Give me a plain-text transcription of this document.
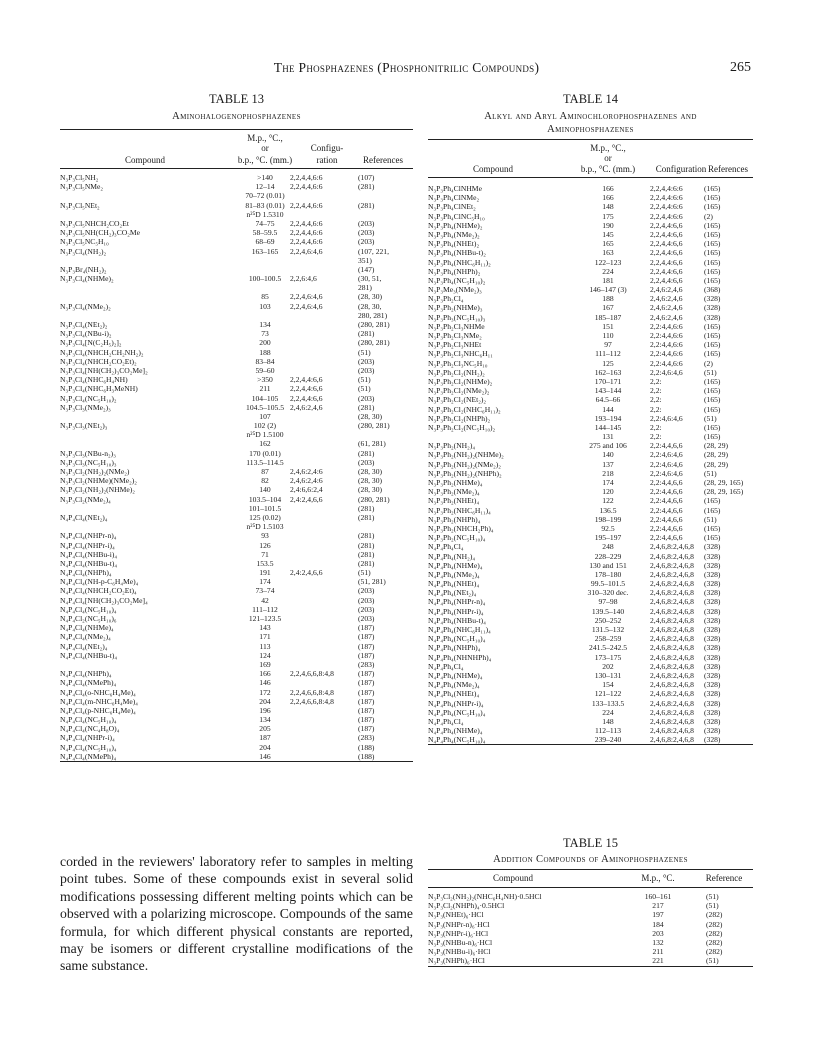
The Phosphazenes (Phosphonitrilic Compounds)	265
TABLE 13
Aminohalogenophosphazenes
M.p., °C.,
or	Configu-
Compound	b.p., °C. (mm.)	ration	References
N₃P₃Cl₅NH₂	>140	2,2,4,4,6:6	(107)
N₃P₃Cl₅NMe₂	12–14	2,2,4,4,6:6	(281)
70–72 (0.01)
N₃P₃Cl₅NEt₂	81–83 (0.01) 2,2,4,4,6:6	(281)
n²⁵D 1.5310
N₃P₃Cl₅NHCH₂CO₂Et	74–75	2,2,4,4,6:6	(203)
N₃P₃Cl₅NH(CH₂)₃CO₂Me	58–59.5	2,2,4,4,6:6	(203)
N₃P₃Cl₅NC₅H₁₀	68–69	2,2,4,4,6:6	(203)
N₃P₃Cl₄(NH₂)₂	163–165	2,2,4,6:4,6	(107, 221,
351)
N₃P₃Br₄(NH₂)₂	(147)
N₃P₃Cl₄(NHMe)₂	100–100.5	2,2,6:4,6	(30, 51,
281)
85	2,2,4,6:4,6	(28, 30)
N₃P₃Cl₄(NMe₂)₂	103	2,2,4,6:4,6	(28, 30,
280, 281)
N₃P₃Cl₄(NEt₂)₂	134	(280, 281)
N₃P₃Cl₄(NBu-i)₂	73	(281)
N₃P₃Cl₄[N(C₂H₅)₂]₂	200	(280, 281)
N₃P₃Cl₄(NHCH₂CH₂NH₂)₂	188	(51)
N₃P₃Cl₄(NHCH₂CO₂Et)₂	83–84	(203)
N₃P₃Cl₄[NH(CH₂)₃CO₂Me]₂	59–60	(203)
N₃P₃Cl₄(NHC₆H₄NH)	>350	2,2,4,4:6,6	(51)
N₃P₃Cl₄(NHC₆H₃MeNH)	211	2,2,4,4:6,6	(51)
N₃P₃Cl₄(NC₅H₁₀)₂	104–105	2,2,4,4:6,6	(203)
N₃P₃Cl₃(NMe₂)₃	104.5–105.5 2,4,6:2,4,6	(281)
107	(28, 30)
N₃P₃Cl₃(NEt₂)₃	102 (2)	(280, 281)
n²⁵D 1.5100
162	(61, 281)
N₃P₃Cl₃(NBu-n₂)₃	170 (0.01)	(281)
N₃P₃Cl₃(NC₅H₁₀)₃	113.5–114.5	(203)
N₃P₃Cl₂(NH₂)₂(NMe₂)	87	2,4,6:2,4:6	(28, 30)
N₃P₃Cl₂(NHMe)(NMe₂)₂	82	2,4,6:2,4:6	(28, 30)
N₃P₃Cl₂(NH₂)₂(NHMe)₂	140	2,4:6,6:2,4	(28, 30)
N₃P₃Cl₂(NMe₂)₄	103.5–104	2,4:2,4,6,6	(280, 281)
101–101.5	(281)
N₄P₄Cl₄(NEt₂)₄	125 (0.02)	(281)
n²⁵D 1.5103
N₄P₄Cl₄(NHPr-n)₄	93	(281)
N₄P₄Cl₄(NHPr-i)₄	126	(281)
N₄P₄Cl₄(NHBu-i)₄	71	(281)
N₄P₄Cl₄(NHBu-t)₄	153.5	(281)
N₄P₄Cl₄(NHPh)₄	191	2,4:2,4,6,6	(51)
N₄P₄Cl₄(NH-p-C₆H₄Me)₄	174	(51, 281)
N₄P₄Cl₄(NHCH₂CO₂Et)₄	73–74	(203)
N₄P₄Cl₄[NH(CH₂)₃CO₂Me]₄	42	(203)
N₄P₄Cl₄(NC₅H₁₀)₄	111–112	(203)
N₄P₄Cl₂(NC₅H₁₀)₆	121–123.5	(203)
N₄P₄Cl₄(NHMe)₄	143	(187)
N₄P₄Cl₄(NMe₂)₄	171	(187)
N₄P₄Cl₄(NEt₂)₄	113	(187)
N₄P₄Cl₄(NHBu-t)₄	124	(187)
169	(283)
N₄P₄Cl₄(NHPh)₄	166	2,2,4,6,6,8:4,8	(187)
N₄P₄Cl₄(NMePh)₄	146	(187)
N₄P₄Cl₄(o-NHC₆H₄Me)₄	172	2,2,4,6,6,8:4,8	(187)
N₄P₄Cl₄(m-NHC₆H₄Me)₄	204	2,2,4,6,6,8:4,8	(187)
N₄P₄Cl₄(p-NHC₆H₄Me)₄	196	(187)
N₄P₄Cl₄(NC₅H₁₀)₄	134	(187)
N₄P₄Cl₄(NC₄H₈O)₄	205	(187)
N₄P₄Cl₄(NHPr-i)₄	187	(283)
N₄P₄Cl₄(NC₅H₁₀)₄	204	(188)
N₄P₄Cl₄(NMePh)₄	146	(188)
TABLE 14
Alkyl and Aryl Aminochlorophosphazenes and
Aminophosphazenes
M.p., °C.,
or
Compound	b.p., °C. (mm.)	Configuration References
N₃P₃Ph₄ClNHMe	166	2,2,4,4:6:6	(165)
N₃P₃Ph₄ClNMe₂	166	2,2,4,4:6:6	(165)
N₃P₃Ph₄ClNEt₂	148	2,2,4,4:6:6	(165)
N₃P₃Ph₄ClNC₅H₁₀	175	2,2,4,4:6:6	(2)
N₃P₃Ph₄(NHMe)₂	190	2,2,4,4:6,6	(165)
N₃P₃Ph₄(NMe₂)₂	145	2,2,4,4:6,6	(165)
N₃P₃Ph₄(NHEt)₂	165	2,2,4,4:6,6	(165)
N₃P₃Ph₄(NHBu-t)₂	163	2,2,4,4:6,6	(165)
N₃P₃Ph₄(NHC₆H₁₁)₂	122–123	2,2,4,4:6,6	(165)
N₃P₃Ph₄(NHPh)₂	224	2,2,4,4:6,6	(165)
N₃P₃Ph₄(NC₅H₁₀)₂	181	2,2,4,4:6,6	(165)
N₃P₃Me₃(NMe₂)₃	146–147 (3)	2,4,6:2,4,6	(368)
N₃P₃Ph₂Cl₄	188	2,4,6:2,4,6	(328)
N₃P₃Ph₂(NHMe)₃	167	2,4,6:2,4,6	(328)
N₃P₃Ph₃(NC₅H₁₀)₃	185–187	2,4,6:2,4,6	(328)
N₃P₃Ph₂Cl₃NHMe	151	2,2:4,4,6:6	(165)
N₃P₃Ph₂Cl₃NMe₂	110	2,2:4,4,6:6	(165)
N₃P₃Ph₂Cl₃NHEt	97	2,2:4,4,6:6	(165)
N₃P₃Ph₂Cl₃NHC₆H₁₁	111–112	2,2:4,4,6:6	(165)
N₃P₃Ph₂Cl₃NC₅H₁₀	125	2,2:4,4,6:6	(2)
N₃P₃Ph₂Cl₂(NH₂)₂	162–163	2,2:4,6:4,6	(51)
N₃P₃Ph₂Cl₂(NHMe)₂	170–171	2,2:	(165)
N₃P₃Ph₂Cl₂(NMe₂)₂	143–144	2,2:	(165)
N₃P₃Ph₂Cl₂(NEt₂)₂	64.5–66	2,2:	(165)
N₃P₃Ph₂Cl₂(NHC₆H₁₁)₂	144	2,2:	(165)
N₃P₃Ph₂Cl₂(NHPh)₂	193–194	2,2:4,6:4,6	(51)
N₃P₃Ph₂Cl₂(NC₅H₁₀)₂	144–145	2,2:	(165)
131	2,2:	(165)
N₃P₃Ph₂(NH₂)₄	275 and 106	2,2:4,4,6,6	(28, 29)
N₃P₃Ph₂(NH₂)₂(NHMe)₂	140	2,2:4,6:4,6	(28, 29)
N₃P₃Ph₂(NH₂)₂(NMe₂)₂	137	2,2:4,6:4,6	(28, 29)
N₃P₃Ph₂(NH₂)₂(NHPh)₂	218	2,2:4,6:4,6	(51)
N₃P₃Ph₂(NHMe)₄	174	2,2:4,4,6,6	(28, 29, 165)
N₃P₃Ph₂(NMe₂)₄	120	2,2:4,4,6,6	(28, 29, 165)
N₃P₃Ph₂(NHEt)₄	122	2,2:4,4,6,6	(165)
N₃P₃Ph₂(NHC₆H₁₁)₄	136.5	2,2:4,4,6,6	(165)
N₃P₃Ph₂(NHPh)₄	198–199	2,2:4,4,6,6	(51)
N₃P₃Ph₂(NHCH₂Ph)₄	92.5	2,2:4,4,6,6	(165)
N₃P₃Ph₂(NC₅H₁₀)₄	195–197	2,2:4,4,6,6	(165)
N₄P₄Ph₄Cl₄	248	2,4,6,8:2,4,6,8 (328)
N₄P₄Ph₄(NH₂)₄	228–229	2,4,6,8:2,4,6,8 (328)
N₄P₄Ph₄(NHMe)₄	130 and 151	2,4,6,8:2,4,6,8 (328)
N₄P₄Ph₄(NMe₂)₄	178–180	2,4,6,8:2,4,6,8 (328)
N₄P₄Ph₄(NHEt)₄	99.5–101.5	2,4,6,8:2,4,6,8 (328)
N₄P₄Ph₄(NEt₂)₄	310–320 dec.	2,4,6,8:2,4,6,8 (328)
N₄P₄Ph₄(NHPr-n)₄	97–98	2,4,6,8:2,4,6,8 (328)
N₄P₄Ph₄(NHPr-i)₄	139.5–140	2,4,6,8:2,4,6,8 (328)
N₄P₄Ph₄(NHBu-t)₄	250–252	2,4,6,8:2,4,6,8 (328)
N₄P₄Ph₄(NHC₆H₁₁)₄	131.5–132	2,4,6,8:2,4,6,8 (328)
N₄P₄Ph₄(NC₅H₁₀)₄	258–259	2,4,6,8:2,4,6,8 (328)
N₄P₄Ph₄(NHPh)₄	241.5–242.5	2,4,6,8:2,4,6,8 (328)
N₄P₄Ph₄(NHNHPh)₄	173–175	2,4,6,8:2,4,6,8 (328)
N₄P₄Ph₄Cl₄	202	2,4,6,8:2,4,6,8 (328)
N₄P₄Ph₄(NHMe)₄	130–131	2,4,6,8:2,4,6,8 (328)
N₄P₄Ph₄(NMe₂)₄	154	2,4,6,8:2,4,6,8 (328)
N₄P₄Ph₄(NHEt)₄	121–122	2,4,6,8:2,4,6,8 (328)
N₄P₄Ph₄(NHPr-i)₄	133–133.5	2,4,6,8:2,4,6,8 (328)
N₄P₄Ph₄(NC₅H₁₀)₄	224	2,4,6,8:2,4,6,8 (328)
N₄P₄Ph₄Cl₄	148	2,4,6,8:2,4,6,8 (328)
N₄P₄Ph₄(NHMe)₄	112–113	2,4,6,8:2,4,6,8 (328)
N₄P₄Ph₄(NC₅H₁₀)₄	239–240	2,4,6,8:2,4,6,8 (328)
TABLE 15
Addition Compounds of Aminophosphazenes
Compound	M.p., °C.	Reference
N₃P₃Cl₂(NH₂)₂(NHC₆H₄NH)·0.5HCl	160–161	(51)
N₃P₃Cl₂(NHPh)₄·0.5HCl	217	(51)
N₃P₃(NHEt)₆·HCl	197	(282)
N₃P₃(NHPr-n)₆·HCl	184	(282)
N₃P₃(NHPr-i)₆·HCl	203	(282)
N₃P₃(NHBu-n)₆·HCl	132	(282)
N₃P₃(NHBu-i)₆·HCl	211	(282)
N₃P₃(NHPh)₆·HCl	221	(51)

corded in the reviewers' laboratory refer to samples in melting point tubes. Some of these compounds exist in several solid modifications possessing different melting points which can be observed with a polarizing microscope. Compounds of the same formula, for which different physical constants are reported, may be isomers or different crystalline modifications of the same substance.
